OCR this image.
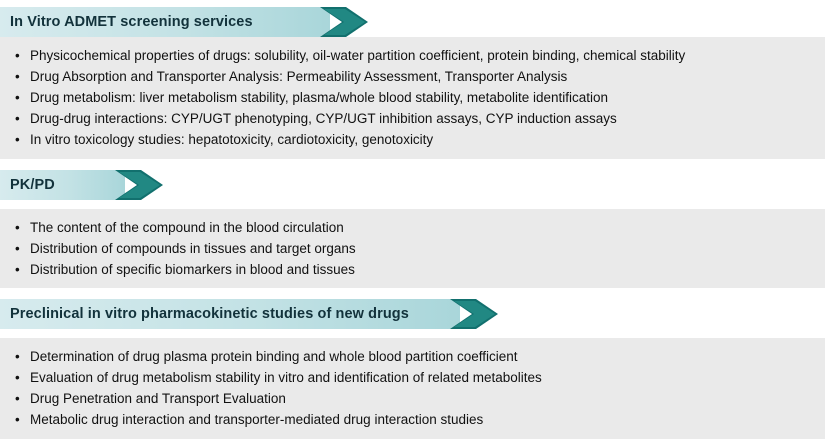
In Vitro ADMET screening services
• Physicochemical properties of drugs: solubility, oil-water partition coefficient, protein binding, chemical stability
• Drug Absorption and Transporter Analysis: Permeability Assessment, Transporter Analysis
• Drug metabolism: liver metabolism stability, plasma/whole blood stability, metabolite identification
• Drug-drug interactions: CYP/UGT phenotyping, CYP/UGT inhibition assays, CYP induction assays
• In vitro toxicology studies: hepatotoxicity, cardiotoxicity, genotoxicity
PK/PD
• The content of the compound in the blood circulation
• Distribution of compounds in tissues and target organs
• Distribution of specific biomarkers in blood and tissues
Preclinical in vitro pharmacokinetic studies of new drugs
• Determination of drug plasma protein binding and whole blood partition coefficient
• Evaluation of drug metabolism stability in vitro and identification of related metabolites
• Drug Penetration and Transport Evaluation
• Metabolic drug interaction and transporter-mediated drug interaction studies
